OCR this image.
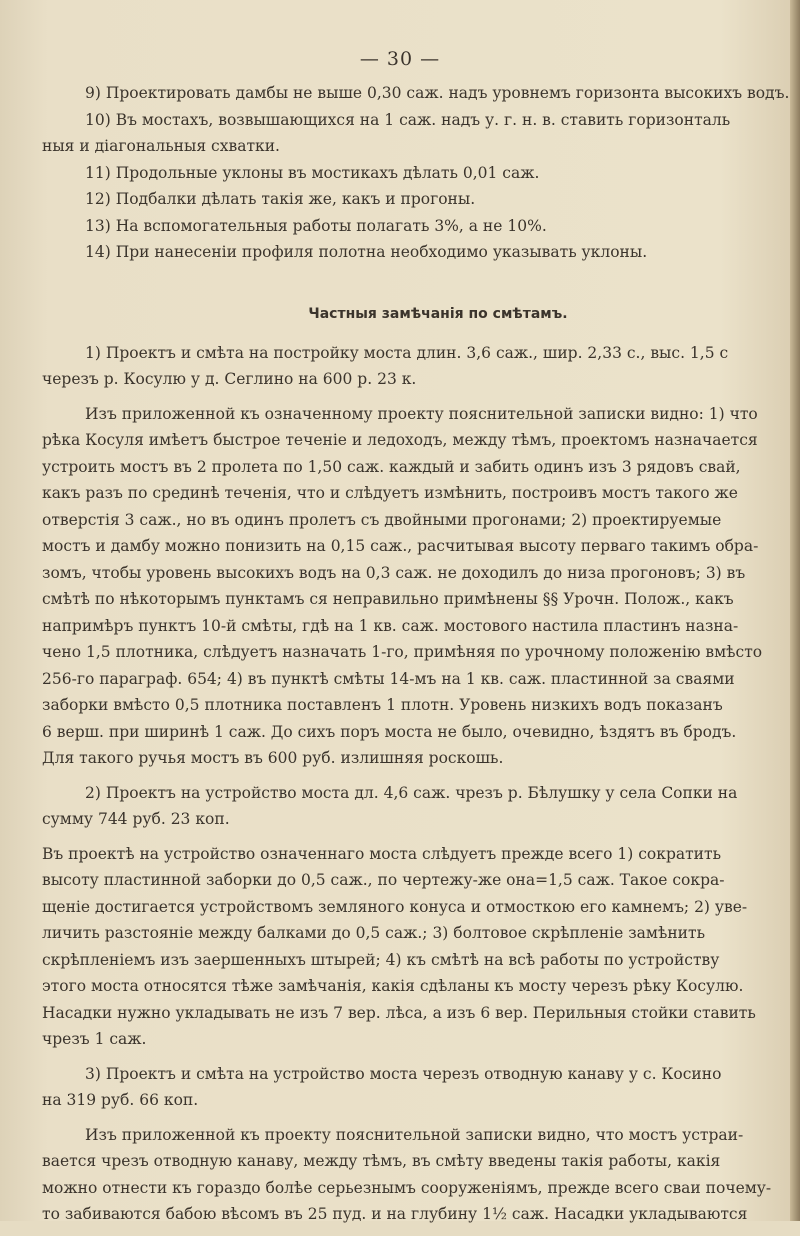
— 30 —
9) Проектировать дамбы не выше 0,30 саж. надъ уровнемъ горизонта высокихъ водъ.
10) Въ мостахъ, возвышающихся на 1 саж. надъ у. г. н. в. ставить горизонталь
ныя и діагональныя схватки.
11) Продольные уклоны въ мостикахъ дѣлать 0,01 саж.
12) Подбалки дѣлать такія же, какъ и прогоны.
13) На вспомогательныя работы полагать 3%, а не 10%.
14) При нанесеніи профиля полотна необходимо указывать уклоны.
Частныя замѣчанія по смѣтамъ.
1) Проектъ и смѣта на постройку моста длин. 3,6 саж., шир. 2,33 с., выс. 1,5 с
черезъ р. Косулю у д. Сеглино на 600 р. 23 к.
Изъ приложенной къ означенному проекту пояснительной записки видно: 1) что
рѣка Косуля имѣетъ быстрое теченіе и ледоходъ, между тѣмъ, проектомъ назначается
устроить мостъ въ 2 пролета по 1,50 саж. каждый и забить одинъ изъ 3 рядовъ свай,
какъ разъ по срединѣ теченія, что и слѣдуетъ измѣнить, построивъ мостъ такого же
отверстія 3 саж., но въ одинъ пролетъ съ двойными прогонами; 2) проектируемые
мостъ и дамбу можно понизить на 0,15 саж., расчитывая высоту перваго такимъ обра-
зомъ, чтобы уровень высокихъ водъ на 0,3 саж. не доходилъ до низа прогоновъ; 3) въ
смѣтѣ по нѣкоторымъ пунктамъ ся неправильно примѣнены §§ Урочн. Полож., какъ
напримѣръ пунктъ 10-й смѣты, гдѣ на 1 кв. саж. мостового настила пластинъ назна-
чено 1,5 плотника, слѣдуетъ назначать 1-го, примѣняя по урочному положенію вмѣсто
256-го параграф. 654; 4) въ пунктѣ смѣты 14-мъ на 1 кв. саж. пластинной за сваями
заборки вмѣсто 0,5 плотника поставленъ 1 плотн. Уровень низкихъ водъ показанъ
6 верш. при ширинѣ 1 саж. До сихъ поръ моста не было, очевидно, ѣздятъ въ бродъ.
Для такого ручья мостъ въ 600 руб. излишняя роскошь.
2) Проектъ на устройство моста дл. 4,6 саж. чрезъ р. Бѣлушку у села Сопки на
сумму 744 руб. 23 коп.
Въ проектѣ на устройство означеннаго моста слѣдуетъ прежде всего 1) сократить
высоту пластинной заборки до 0,5 саж., по чертежу-же она=1,5 саж. Такое сокра-
щеніе достигается устройствомъ земляного конуса и отмосткою его камнемъ; 2) уве-
личить разстояніе между балками до 0,5 саж.; 3) болтовое скрѣпленіе замѣнить
скрѣпленіемъ изъ заершенныхъ штырей; 4) къ смѣтѣ на всѣ работы по устройству
этого моста относятся тѣже замѣчанія, какія сдѣланы къ мосту черезъ рѣку Косулю.
Насадки нужно укладывать не изъ 7 вер. лѣса, а изъ 6 вер. Перильныя стойки ставить
чрезъ 1 саж.
3) Проектъ и смѣта на устройство моста черезъ отводную канаву у с. Косино
на 319 руб. 66 коп.
Изъ приложенной къ проекту пояснительной записки видно, что мостъ устраи-
вается чрезъ отводную канаву, между тѣмъ, въ смѣту введены такія работы, какія
можно отнести къ гораздо болѣе серьезнымъ сооруженіямъ, прежде всего сваи почему-
то забиваются бабою вѣсомъ въ 25 пуд. и на глубину 1½ саж. Насадки укладываются
